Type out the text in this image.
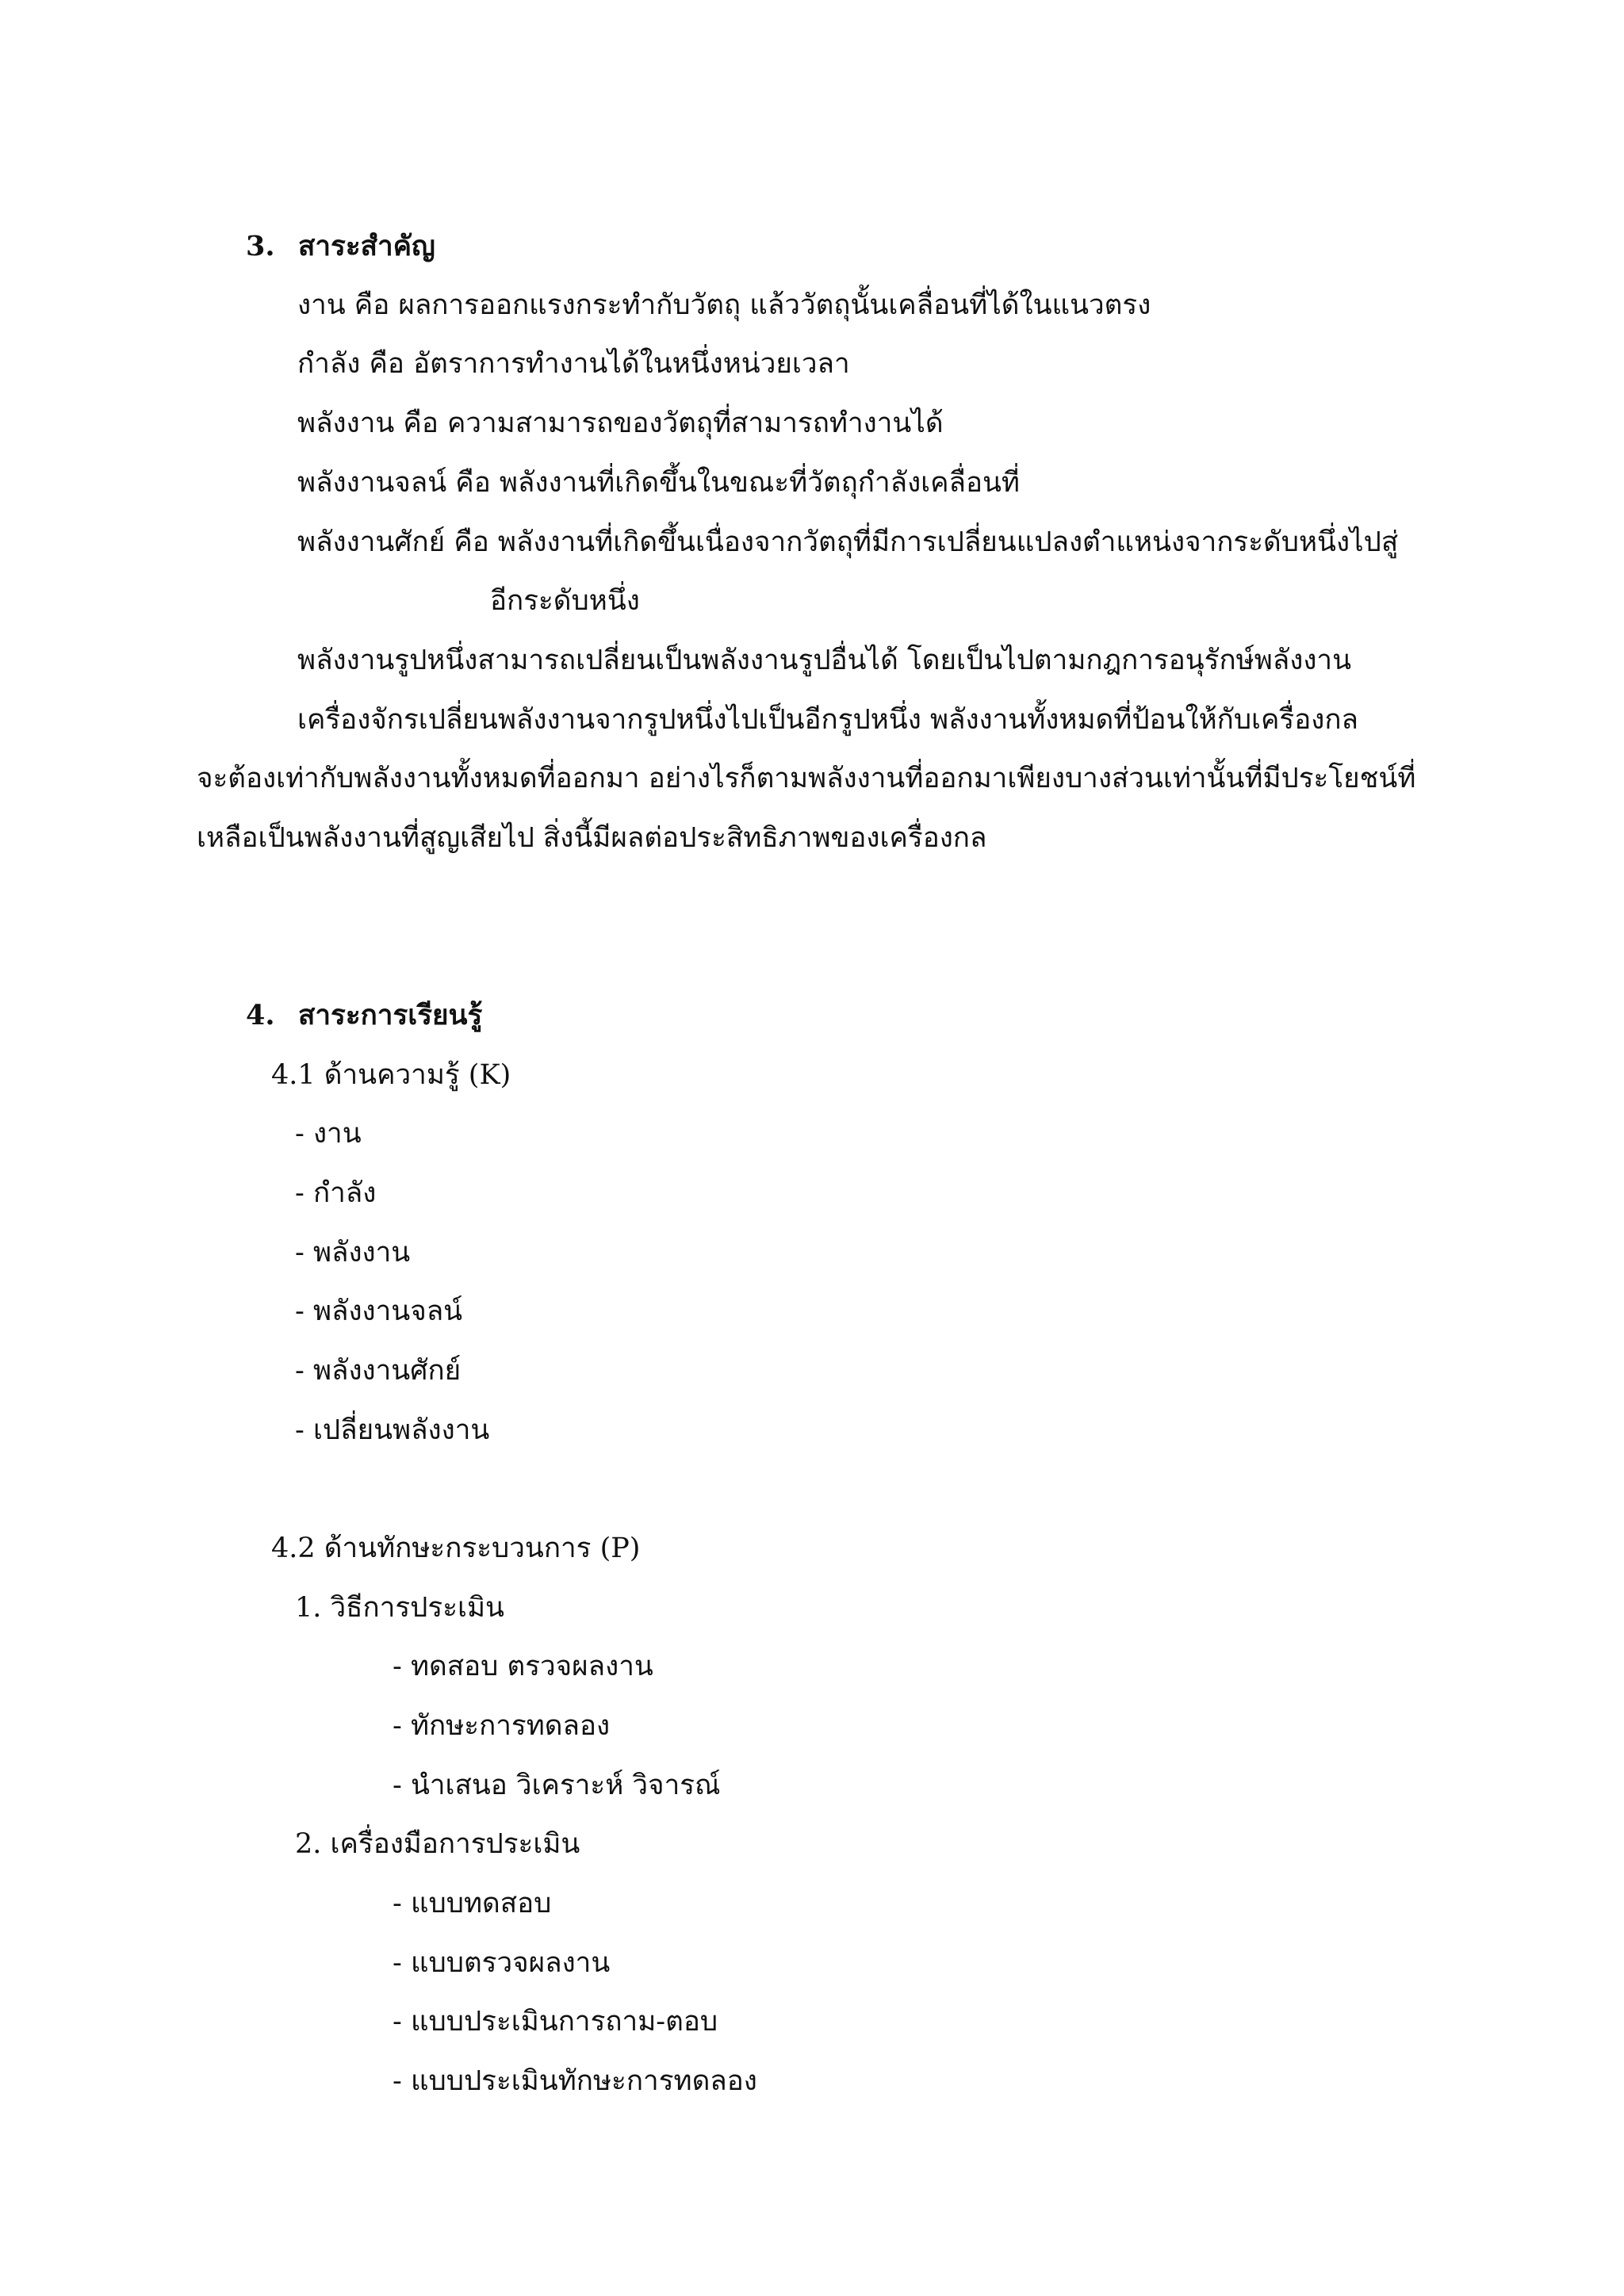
3. สาระสำคัญ
งาน คือ ผลการออกแรงกระทำกับวัตถุ แล้ววัตถุนั้นเคลื่อนที่ได้ในแนวตรง
กำลัง คือ อัตราการทำงานได้ในหนึ่งหน่วยเวลา
พลังงาน คือ ความสามารถของวัตถุที่สามารถทำงานได้
พลังงานจลน์ คือ พลังงานที่เกิดขึ้นในขณะที่วัตถุกำลังเคลื่อนที่
พลังงานศักย์ คือ พลังงานที่เกิดขึ้นเนื่องจากวัตถุที่มีการเปลี่ยนแปลงตำแหน่งจากระดับหนึ่งไปสู่
อีกระดับหนึ่ง
พลังงานรูปหนึ่งสามารถเปลี่ยนเป็นพลังงานรูปอื่นได้ โดยเป็นไปตามกฎการอนุรักษ์พลังงาน
เครื่องจักรเปลี่ยนพลังงานจากรูปหนึ่งไปเป็นอีกรูปหนึ่ง พลังงานทั้งหมดที่ป้อนให้กับเครื่องกล
จะต้องเท่ากับพลังงานทั้งหมดที่ออกมา อย่างไรก็ตามพลังงานที่ออกมาเพียงบางส่วนเท่านั้นที่มีประโยชน์ที่
เหลือเป็นพลังงานที่สูญเสียไป สิ่งนี้มีผลต่อประสิทธิภาพของเครื่องกล
4. สาระการเรียนรู้
4.1 ด้านความรู้ (K)
- งาน
- กำลัง
- พลังงาน
- พลังงานจลน์
- พลังงานศักย์
- เปลี่ยนพลังงาน
4.2 ด้านทักษะกระบวนการ (P)
1. วิธีการประเมิน
- ทดสอบ ตรวจผลงาน
- ทักษะการทดลอง
- นำเสนอ วิเคราะห์ วิจารณ์
2. เครื่องมือการประเมิน
- แบบทดสอบ
- แบบตรวจผลงาน
- แบบประเมินการถาม-ตอบ
- แบบประเมินทักษะการทดลอง
